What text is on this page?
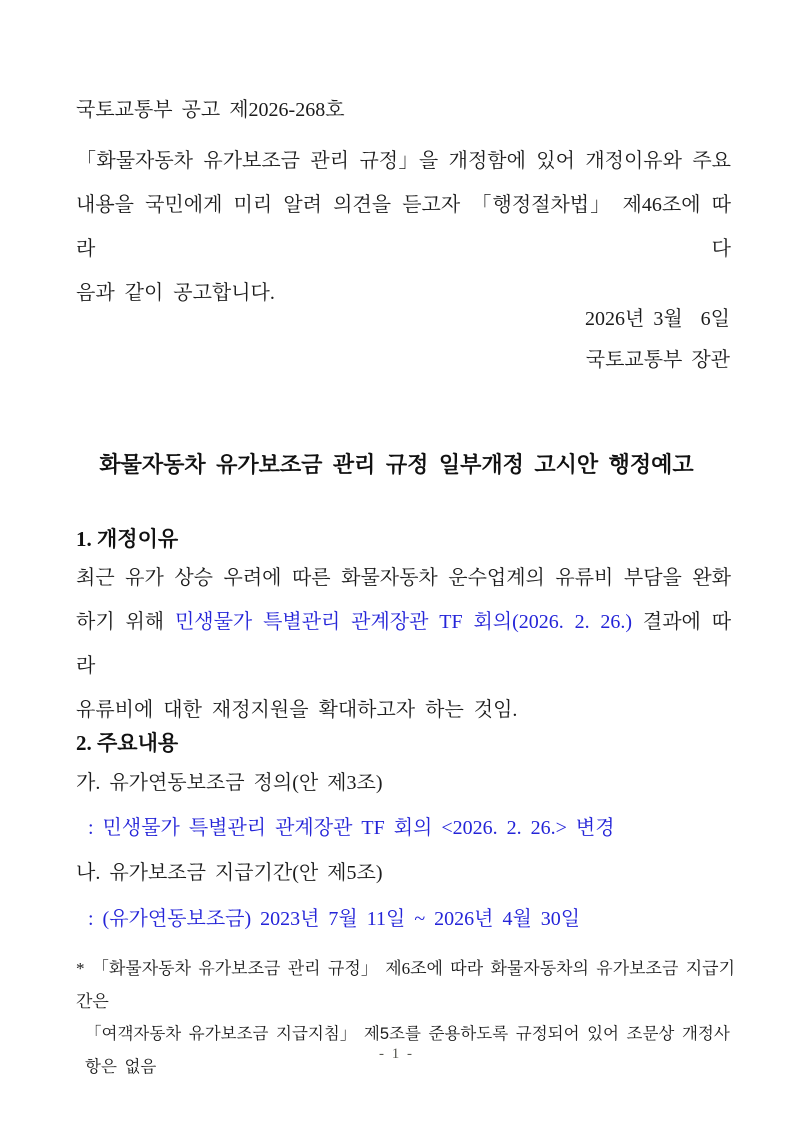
국토교통부 공고 제2026-268호
「화물자동차 유가보조금 관리 규정」을 개정함에 있어 개정이유와 주요
내용을 국민에게 미리 알려 의견을 듣고자 「행정절차법」 제46조에 따라 다
음과 같이 공고합니다.
2026년 3월  6일
국토교통부 장관
화물자동차 유가보조금 관리 규정 일부개정 고시안 행정예고
1. 개정이유
최근 유가 상승 우려에 따른 화물자동차 운수업계의 유류비 부담을 완화
하기 위해 민생물가 특별관리 관계장관 TF 회의(2026. 2. 26.) 결과에 따라
유류비에 대한 재정지원을 확대하고자 하는 것임.
2. 주요내용
가. 유가연동보조금 정의(안 제3조)
: 민생물가 특별관리 관계장관 TF 회의 <2026. 2. 26.> 변경
나. 유가보조금 지급기간(안 제5조)
: (유가연동보조금) 2023년 7월 11일 ~ 2026년 4월 30일
* 「화물자동차 유가보조금 관리 규정」 제6조에 따라 화물자동차의 유가보조금 지급기간은
「여객자동차 유가보조금 지급지침」 제5조를 준용하도록 규정되어 있어 조문상 개정사항은 없음
- 1 -
